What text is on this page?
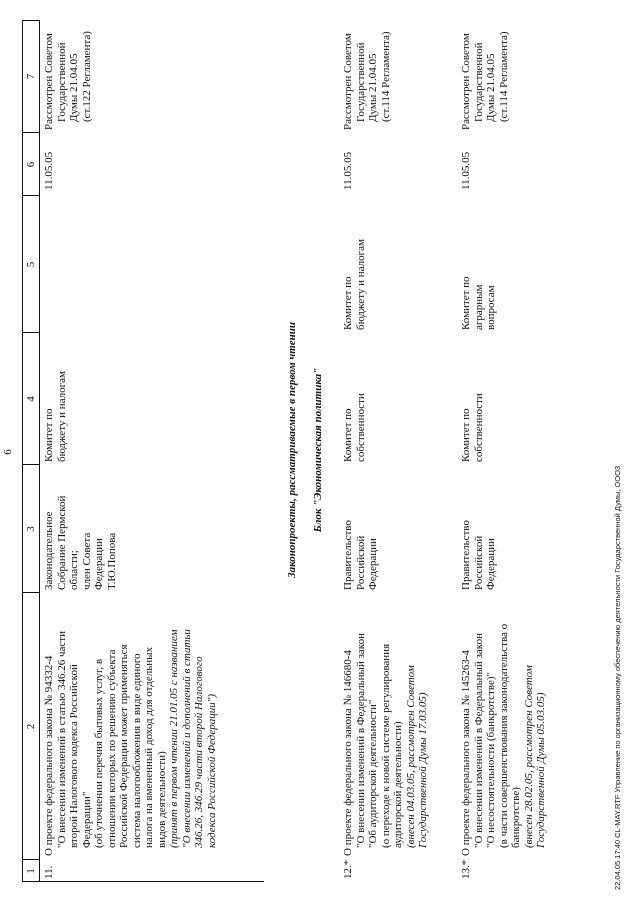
6
1
2
3
4
5
6
7
11.
О проекте федерального закона № 94332-4 "О внесении изменений в статью 346.26 части второй Налогового кодекса Российской Федерации" (об уточнении перечня бытовых услуг, в отношении которых по решению субъекта Российской Федерации может применяться система налогообложения в виде единого налога на вмененный доход для отдельных видов деятельности) (принят в первом чтении 21.01.05 с названием "О внесении изменений и дополнений в статьи 346.26, 346.29 части второй Налогового кодекса Российской Федерации")
Законодательное Собрание Пермской области; член Совета Федерации Т.Ю.Попова
Комитет по бюджету и налогам
11.05.05
Рассмотрен Советом Государственной Думы 21.04.05 (ст.122 Регламента)
Законопроекты, рассматриваемые в первом чтении Блок "Экономическая политика"
12.*
О проекте федерального закона № 146680-4 "О внесении изменений в Федеральный закон "Об аудиторской деятельности" (о переходе к новой системе регулирования аудиторской деятельности) (внесен 04.03.05, рассмотрен Советом Государственной Думы 17.03.05)
Правительство Российской Федерации
Комитет по собственности
Комитет по бюджету и налогам
11.05.05
Рассмотрен Советом Государственной Думы 21.04.05 (ст.114 Регламента)
13.*
О проекте федерального закона № 145263-4 "О внесении изменений в Федеральный закон "О несостоятельности (банкротстве)" (в части совершенствования законодательства о банкротстве) (внесен 28.02.05, рассмотрен Советом Государственной Думы 05.03.05)
Правительство Российской Федерации
Комитет по собственности
Комитет по аграрным вопросам
11.05.05
Рассмотрен Советом Государственной Думы 21.04.05 (ст.114 Регламента)
22.04.05 17:40 CL-MAY.RTF Управление по организационному обеспечению деятельности Государственной Думы, ООО3
